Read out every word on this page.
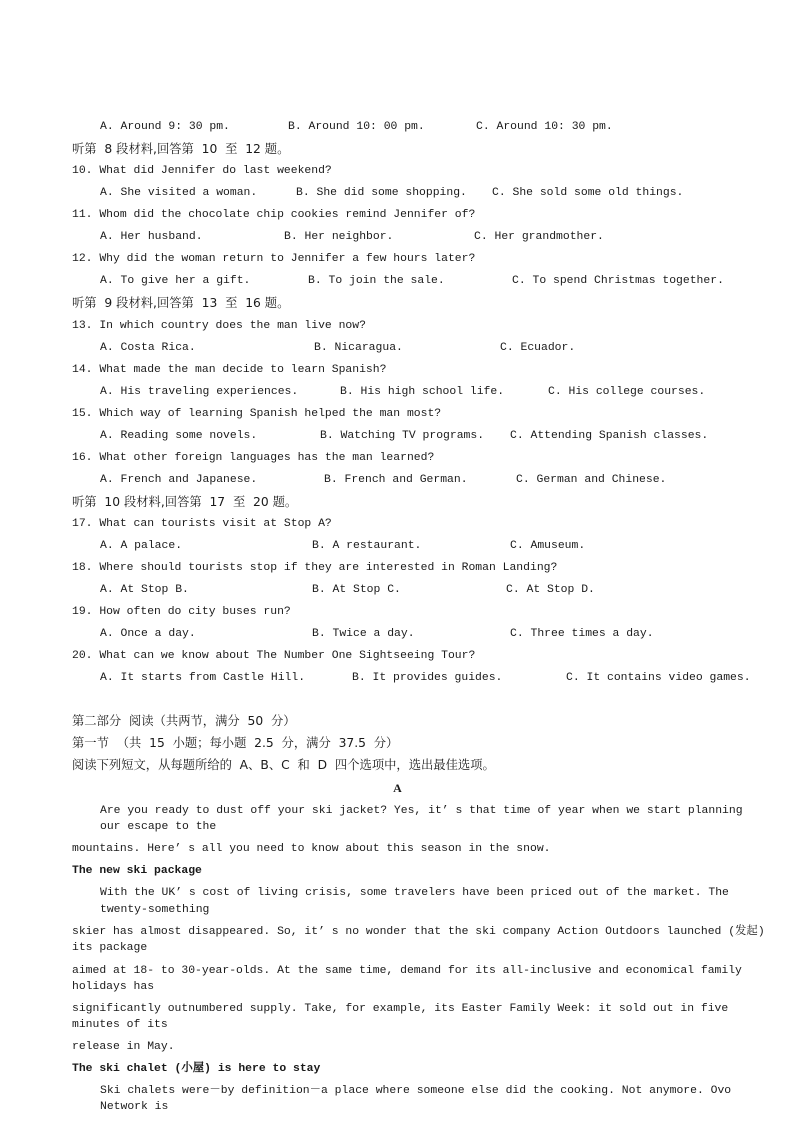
A. Around 9: 30 pm.	B. Around 10: 00 pm.	C. Around 10: 30 pm.
听第  8 段材料,回答第  10  至  12 题。
10. What did Jennifer do last weekend?
A. She visited a woman.	B. She did some shopping. C. She sold some old things.
11. Whom did the chocolate chip cookies remind Jennifer of?
A. Her husband.	B. Her neighbor.	C. Her grandmother.
12. Why did the woman return to Jennifer a few hours later?
A. To give her a gift.	B. To join the sale.	C. To spend Christmas together.
听第  9 段材料,回答第  13  至  16 题。
13. In which country does the man live now?
A. Costa Rica.	B. Nicaragua.	C. Ecuador.
14. What made the man decide to learn Spanish?
A. His traveling experiences.	B. His high school life.	C. His college courses.
15. Which way of learning Spanish helped the man most?
A. Reading some novels.	B. Watching TV programs. C. Attending Spanish classes.
16. What other foreign languages has the man learned?
A. French and Japanese.	B. French and German.	C. German and Chinese.
听第  10 段材料,回答第  17  至  20 题。
17. What can tourists visit at Stop A?
A. A palace.	B. A restaurant.	C. Amuseum.
18. Where should tourists stop if they are interested in Roman Landing?
A. At Stop B.	B. At Stop C.	C. At Stop D.
19. How often do city buses run?
A. Once a day.	B. Twice a day.	C. Three times a day.
20. What can we know about The Number One Sightseeing Tour?
A. It starts from Castle Hill.	B. It provides guides.	C. It contains video games.
第二部分  阅读（共两节，满分  50  分）
第一节  （共  15  小题；每小题  2.5  分，满分  37.5  分）
阅读下列短文，从每题所给的  A、B、C  和  D  四个选项中，选出最佳选项。
A
Are you ready to dust off your ski jacket? Yes, it’ s that time of year when we start planning
our escape to the
mountains. Here’ s all you need to know about this season in the snow.
The new ski package
With the UK’ s cost of living crisis, some travelers have been priced out of the market. The
twenty-something
skier has almost disappeared. So, it’ s no wonder that the ski company Action Outdoors launched (发起)
its package
aimed at 18- to 30-year-olds. At the same time, demand for its all-inclusive and economical family
holidays has
significantly outnumbered supply. Take, for example, its Easter Family Week: it sold out in five
minutes of its
release in May.
The ski chalet (小屋) is here to stay
Ski chalets were－by definition－a place where someone else did the cooking. Not anymore. Ovo
Network is
